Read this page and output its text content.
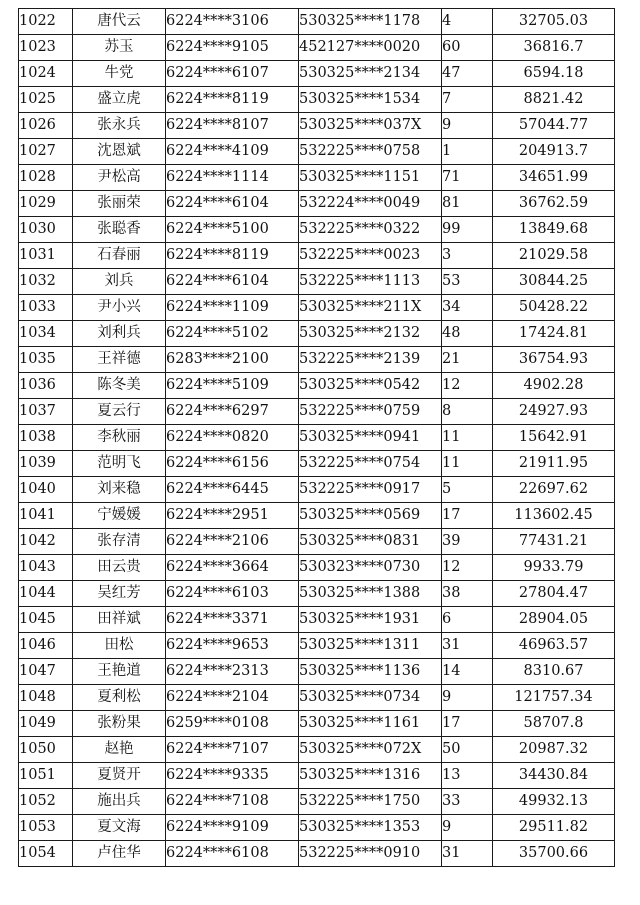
1022	唐代云	6224****3106	530325****1178	4	32705.03
1023	苏玉	6224****9105	452127****0020	60	36816.7
1024	牛党	6224****6107	530325****2134	47	6594.18
1025	盛立虎	6224****8119	530325****1534	7	8821.42
1026	张永兵	6224****8107	530325****037X	9	57044.77
1027	沈恩斌	6224****4109	532225****0758	1	204913.7
1028	尹松高	6224****1114	530325****1151	71	34651.99
1029	张丽荣	6224****6104	532224****0049	81	36762.59
1030	张聪香	6224****5100	532225****0322	99	13849.68
1031	石春丽	6224****8119	532225****0023	3	21029.58
1032	刘兵	6224****6104	532225****1113	53	30844.25
1033	尹小兴	6224****1109	530325****211X	34	50428.22
1034	刘利兵	6224****5102	530325****2132	48	17424.81
1035	王祥德	6283****2100	532225****2139	21	36754.93
1036	陈冬美	6224****5109	530325****0542	12	4902.28
1037	夏云行	6224****6297	532225****0759	8	24927.93
1038	李秋丽	6224****0820	530325****0941	11	15642.91
1039	范明飞	6224****6156	532225****0754	11	21911.95
1040	刘来稳	6224****6445	532225****0917	5	22697.62
1041	宁媛媛	6224****2951	530325****0569	17	113602.45
1042	张存清	6224****2106	530325****0831	39	77431.21
1043	田云贵	6224****3664	530323****0730	12	9933.79
1044	吴红芳	6224****6103	530325****1388	38	27804.47
1045	田祥斌	6224****3371	530325****1931	6	28904.05
1046	田松	6224****9653	530325****1311	31	46963.57
1047	王艳道	6224****2313	530325****1136	14	8310.67
1048	夏利松	6224****2104	530325****0734	9	121757.34
1049	张粉果	6259****0108	530325****1161	17	58707.8
1050	赵艳	6224****7107	530325****072X	50	20987.32
1051	夏贤开	6224****9335	530325****1316	13	34430.84
1052	施出兵	6224****7108	532225****1750	33	49932.13
1053	夏文海	6224****9109	530325****1353	9	29511.82
1054	卢住华	6224****6108	532225****0910	31	35700.66
